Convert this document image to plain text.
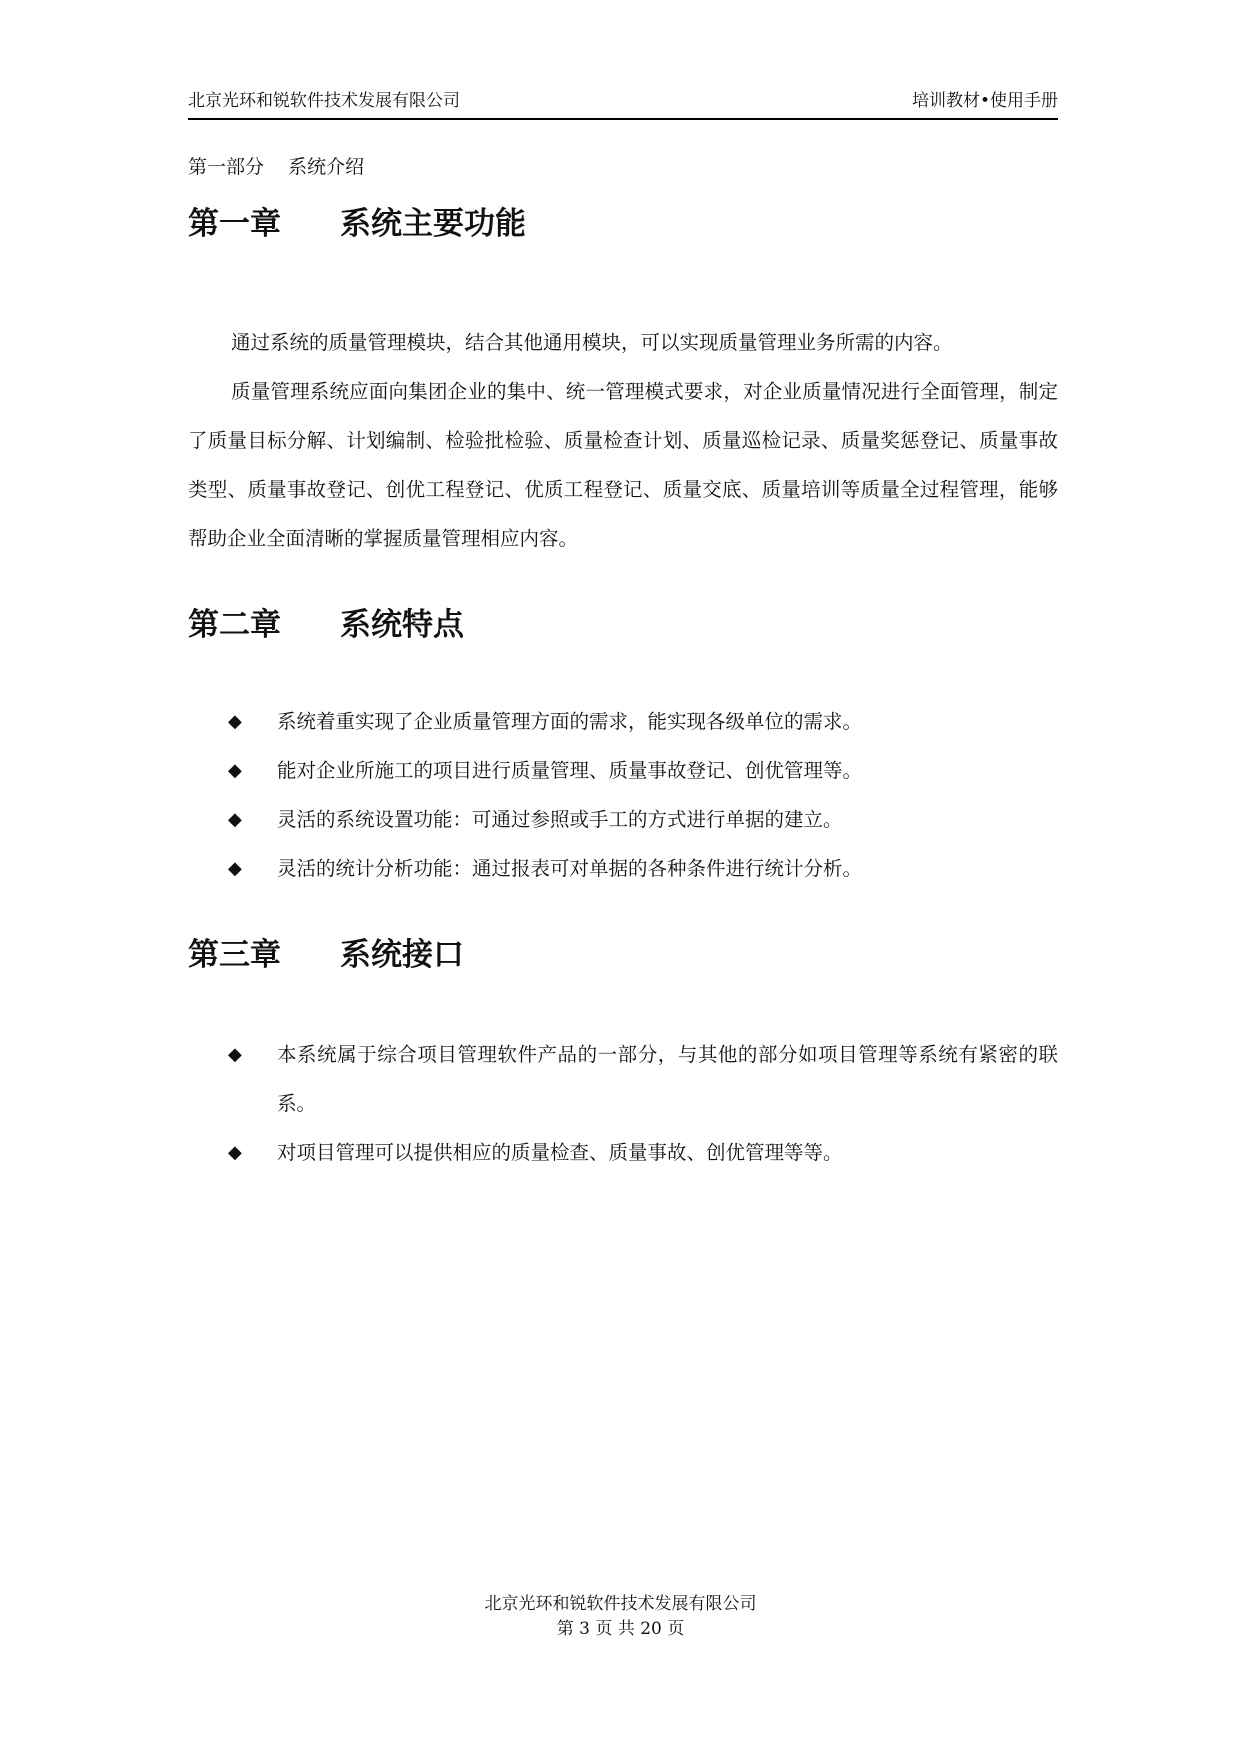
北京光环和锐软件技术发展有限公司	培训教材•使用手册
第一部分    系统介绍
第一章 系统主要功能

通过系统的质量管理模块，结合其他通用模块，可以实现质量管理业务所需的内容。

质量管理系统应面向集团企业的集中、统一管理模式要求，对企业质量情况进行全面管理，制定了质量目标分解、计划编制、检验批检验、质量检查计划、质量巡检记录、质量奖惩登记、质量事故类型、质量事故登记、创优工程登记、优质工程登记、质量交底、质量培训等质量全过程管理，能够帮助企业全面清晰的掌握质量管理相应内容。

第二章 系统特点
◆ 系统着重实现了企业质量管理方面的需求，能实现各级单位的需求。
◆ 能对企业所施工的项目进行质量管理、质量事故登记、创优管理等。
◆ 灵活的系统设置功能：可通过参照或手工的方式进行单据的建立。
◆ 灵活的统计分析功能：通过报表可对单据的各种条件进行统计分析。
第三章 系统接口
◆ 本系统属于综合项目管理软件产品的一部分，与其他的部分如项目管理等系统有紧密的联系。
◆ 对项目管理可以提供相应的质量检查、质量事故、创优管理等等。
北京光环和锐软件技术发展有限公司
第 3 页 共 20 页
